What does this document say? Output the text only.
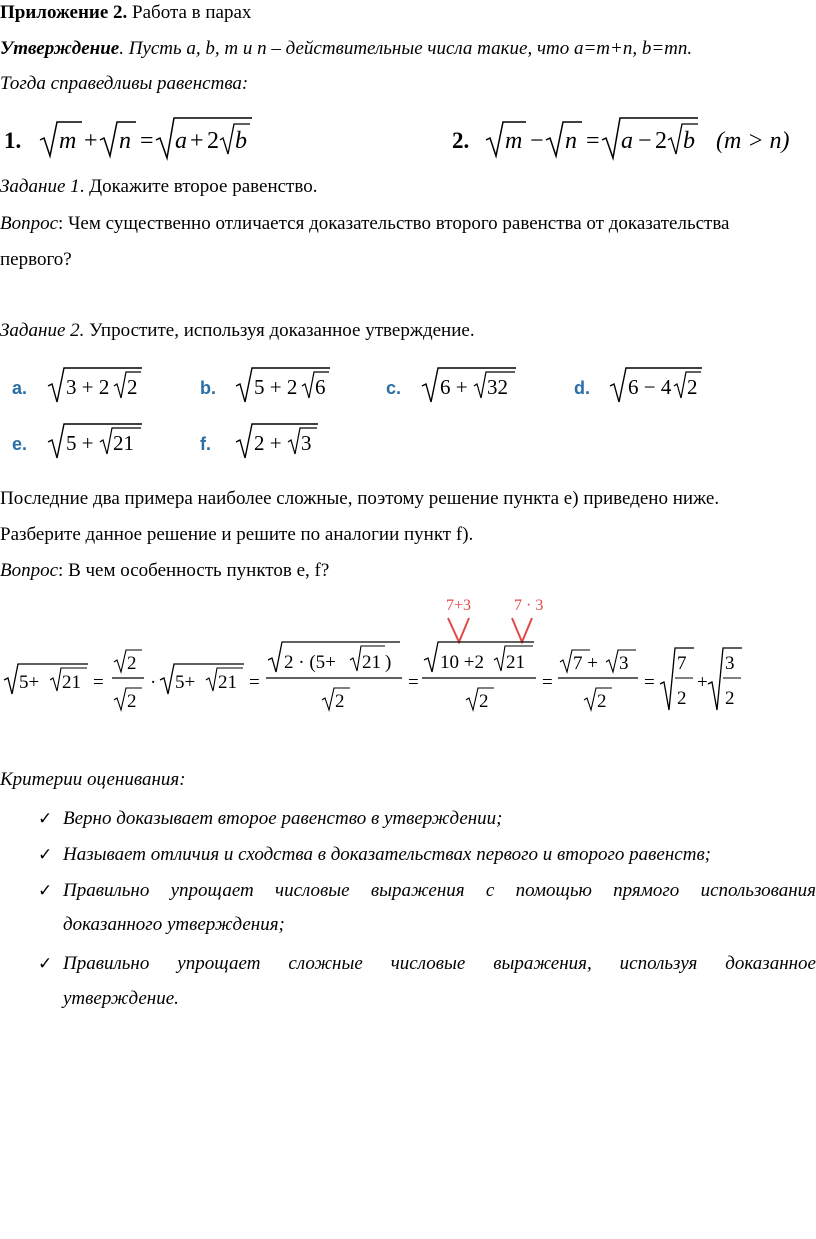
Приложение 2. Работа в парах
Утверждение. Пусть a, b, m и n – действительные числа такие, что a=m+n, b=mn.
Тогда справедливы равенства:
1. m + n = a + 2 b	2. m − n = a − 2 b (m > n)
Задание 1. Докажите второе равенство.
Вопрос: Чем существенно отличается доказательство второго равенства от доказательства
первого?
Задание 2. Упростите, используя доказанное утверждение.
a. 3 + 2 2	b. 5 + 2 6	c. 6 + 32	d. 6 − 4 2
e. 5 + 21	f. 2 + 3
Последние два примера наиболее сложные, поэтому решение пункта е) приведено ниже.
Разберите данное решение и решите по аналогии пункт f).
Вопрос: В чем особенность пунктов е, f?
7+3	7 · 3
5+ 21 =
2
2
· 5+ 21 =
2 · (5+ 21 )
2
=
10 +2 21
2
=
7 + 3
2
=
7
2
+
3
2
Критерии оценивания:
✓ Верно доказывает второе равенство в утверждении;
✓ Называет отличия и сходства в доказательствах первого и второго равенств;
✓ Правильно упрощает числовые выражения с помощью прямого использования
доказанного утверждения;
✓ Правильно упрощает сложные числовые выражения, используя доказанное
утверждение.
